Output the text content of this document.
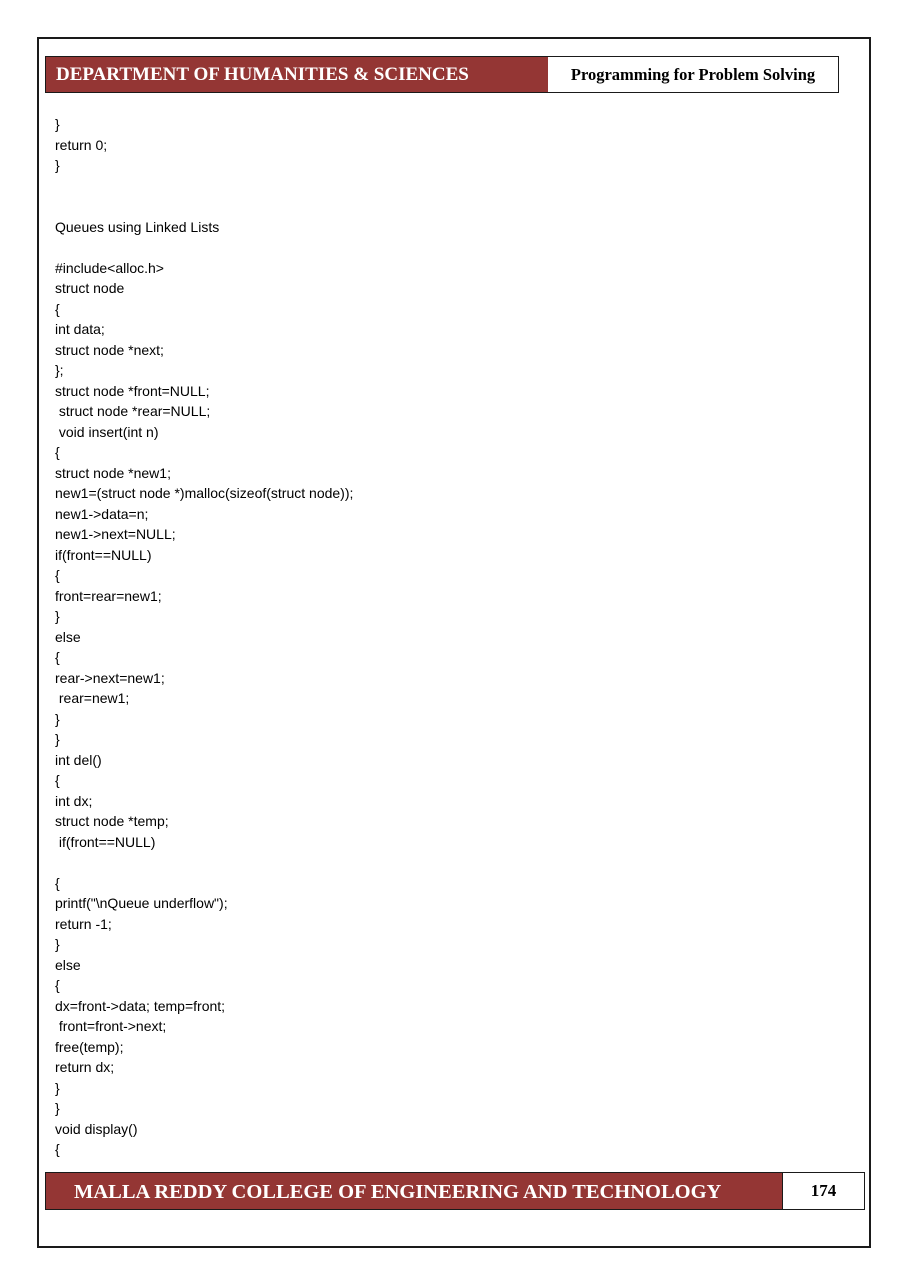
DEPARTMENT OF HUMANITIES & SCIENCES	Programming for Problem Solving
}
return 0;
}
Queues using Linked Lists
#include<alloc.h>
struct node
{
int data;
struct node *next;
};
struct node *front=NULL;
struct node *rear=NULL;
void insert(int n)
{
struct node *new1;
new1=(struct node *)malloc(sizeof(struct node));
new1->data=n;
new1->next=NULL;
if(front==NULL)
{
front=rear=new1;
}
else
{
rear->next=new1;
rear=new1;
}
}
int del()
{
int dx;
struct node *temp;
if(front==NULL)
{
printf("\nQueue underflow");
return -1;
}
else
{
dx=front->data; temp=front;
front=front->next;
free(temp);
return dx;
}
}
void display()
{
MALLA REDDY COLLEGE OF ENGINEERING AND TECHNOLOGY	174
